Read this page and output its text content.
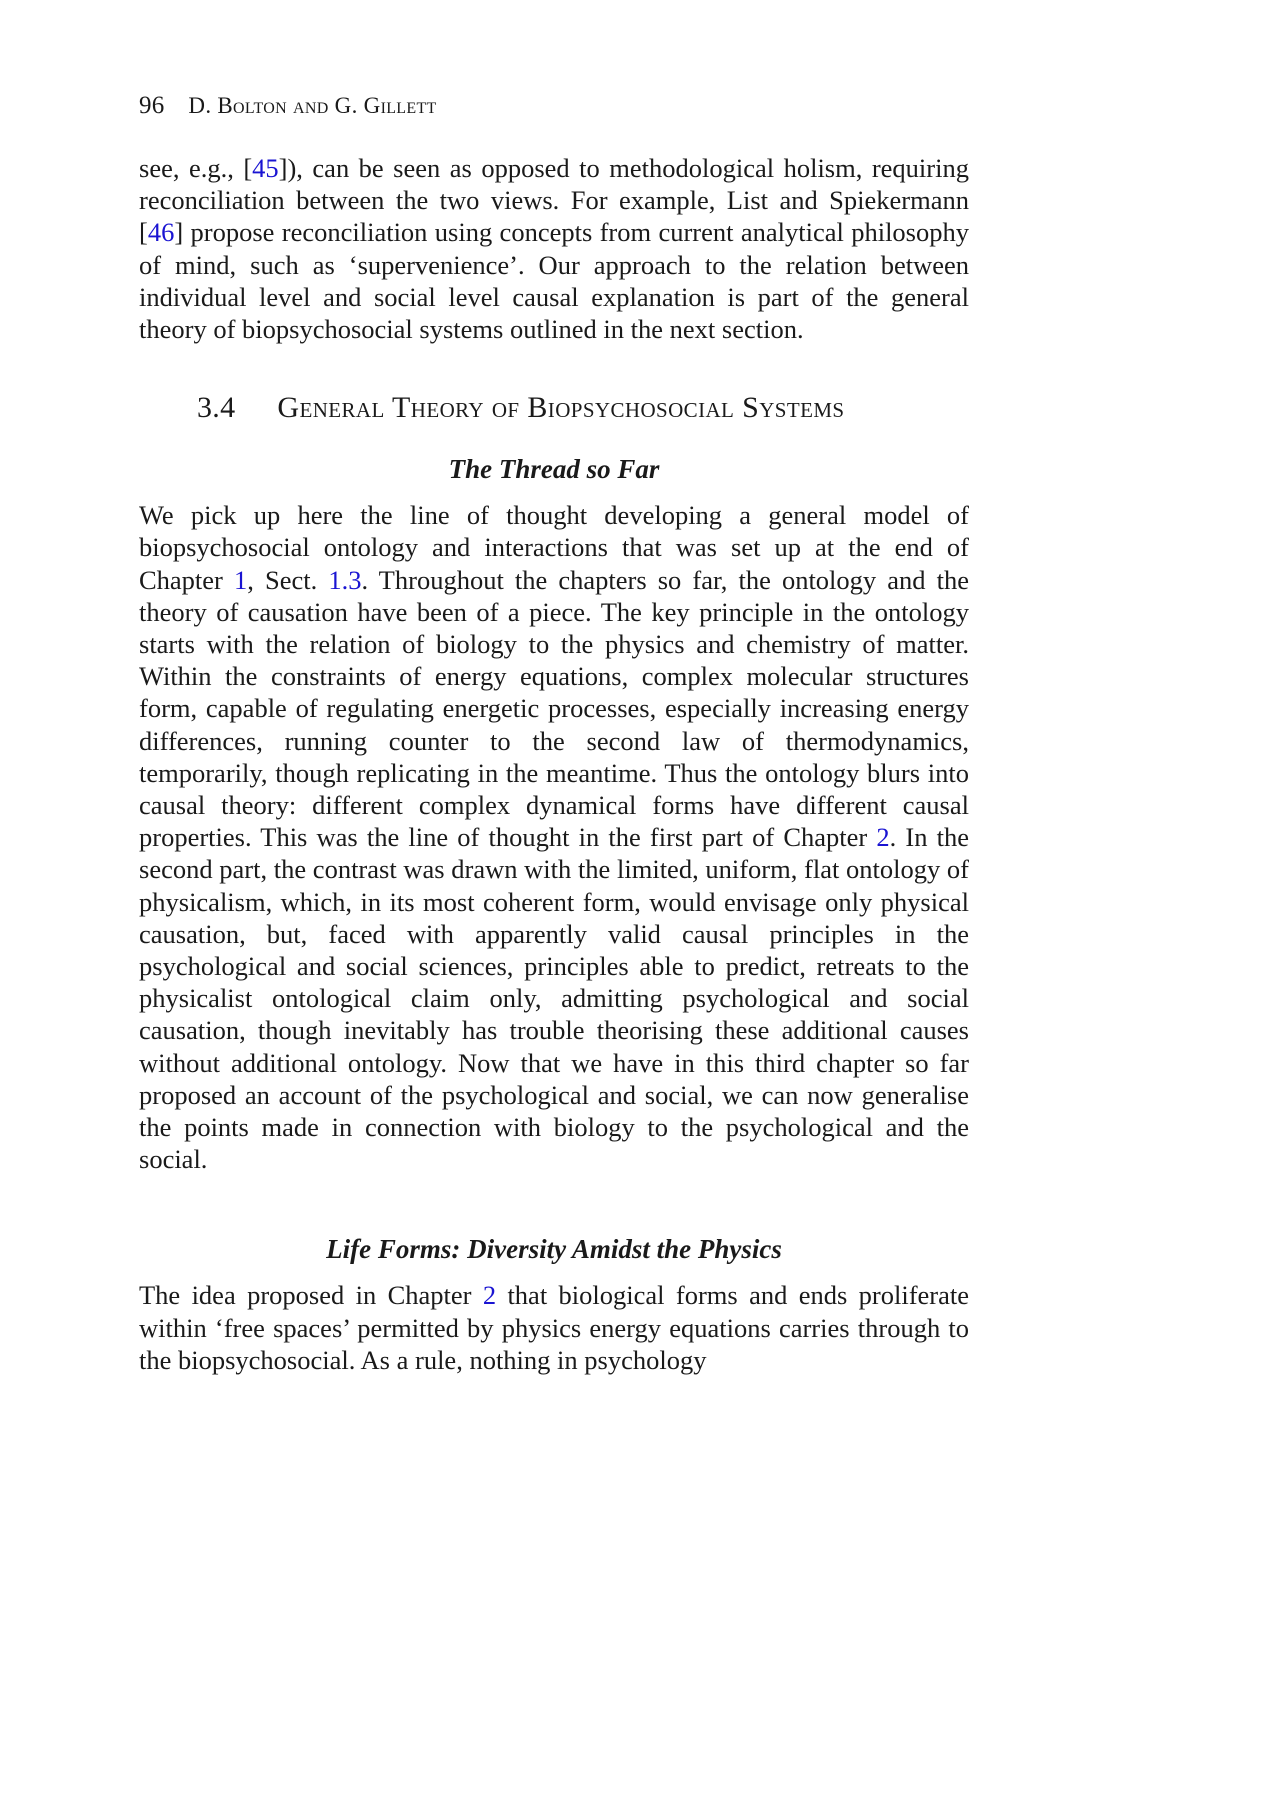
96 D. Bolton and G. Gillett

see, e.g., [45]), can be seen as opposed to methodological holism, requiring reconciliation between the two views. For example, List and Spiekermann [46] propose reconciliation using concepts from current analytical philosophy of mind, such as ‘supervenience’. Our approach to the relation between individual level and social level causal explanation is part of the general theory of biopsychosocial systems outlined in the next section.

3.4 General Theory of Biopsychosocial Systems
The Thread so Far

We pick up here the line of thought developing a general model of biopsychosocial ontology and interactions that was set up at the end of Chapter 1, Sect. 1.3. Throughout the chapters so far, the ontology and the theory of causation have been of a piece. The key principle in the ontology starts with the relation of biology to the physics and chemistry of matter. Within the constraints of energy equations, complex molecular structures form, capable of regulating energetic processes, especially increasing energy differences, running counter to the second law of thermodynamics, temporarily, though replicating in the meantime. Thus the ontology blurs into causal theory: different complex dynamical forms have different causal properties. This was the line of thought in the first part of Chapter 2. In the second part, the contrast was drawn with the limited, uniform, flat ontology of physicalism, which, in its most coherent form, would envisage only physical causation, but, faced with apparently valid causal principles in the psychological and social sciences, principles able to predict, retreats to the physicalist ontological claim only, admitting psychological and social causation, though inevitably has trouble theorising these additional causes without additional ontology. Now that we have in this third chapter so far proposed an account of the psychological and social, we can now generalise the points made in connection with biology to the psychological and the social.

Life Forms: Diversity Amidst the Physics

The idea proposed in Chapter 2 that biological forms and ends proliferate within ‘free spaces’ permitted by physics energy equations carries through to the biopsychosocial. As a rule, nothing in psychology
